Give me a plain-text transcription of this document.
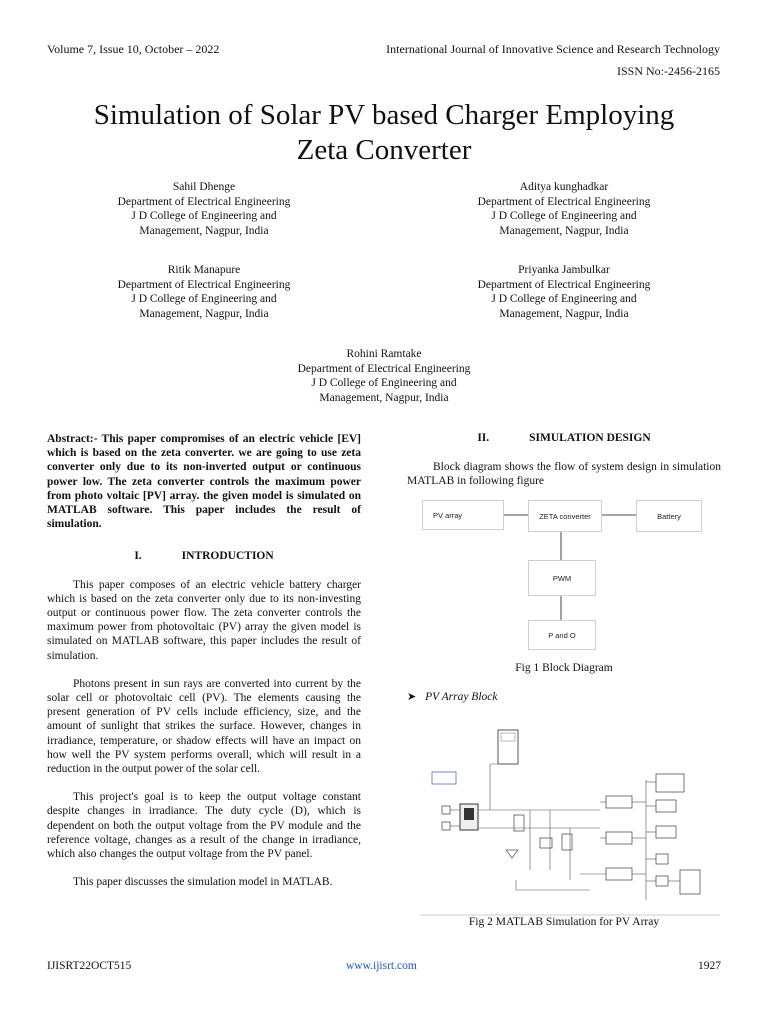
Volume 7, Issue 10, October – 2022	International Journal of Innovative Science and Research Technology
ISSN No:-2456-2165
Simulation of Solar PV based Charger Employing
Zeta Converter
Sahil Dhenge
Department of Electrical Engineering
J D College of Engineering and
Management, Nagpur, India
Aditya kunghadkar
Department of Electrical Engineering
J D College of Engineering and
Management, Nagpur, India
Ritik Manapure
Department of Electrical Engineering
J D College of Engineering and
Management, Nagpur, India
Priyanka Jambulkar
Department of Electrical Engineering
J D College of Engineering and
Management, Nagpur, India
Rohini Ramtake
Department of Electrical Engineering
J D College of Engineering and
Management, Nagpur, India

Abstract:- This paper compromises of an electric vehicle [EV] which is based on the zeta converter. we are going to use zeta converter only due to its non-inverted output or continuous power low. The zeta converter controls the maximum power from photo voltaic [PV] array. the given model is simulated on MATLAB software. This paper includes the result of simulation.

I.	INTRODUCTION

This paper composes of an electric vehicle battery charger which is based on the zeta converter only due to its non-investing output or continuous power flow. The zeta converter controls the maximum power from photovoltaic (PV) array the given model is simulated on MATLAB software, this paper includes the result of simulation.

Photons present in sun rays are converted into current by the solar cell or photovoltaic cell (PV). The elements causing the present generation of PV cells include efficiency, size, and the amount of sunlight that strikes the surface. However, changes in irradiance, temperature, or shadow effects will have an impact on how well the PV system performs overall, which will result in a reduction in the output power of the solar cell.

This project's goal is to keep the output voltage constant despite changes in irradiance. The duty cycle (D), which is dependent on both the output voltage from the PV module and the reference voltage, changes as a result of the change in irradiance, which also changes the output voltage from the PV panel.

This paper discusses the simulation model in MATLAB.

II.	SIMULATION DESIGN

Block diagram shows the flow of system design in simulation MATLAB in following figure

PV array	ZETA converter	Battery
PWM
P and O
Fig 1 Block Diagram
➤ PV Array Block
Fig 2 MATLAB Simulation for PV Array
IJISRT22OCT515	www.ijisrt.com	1927
